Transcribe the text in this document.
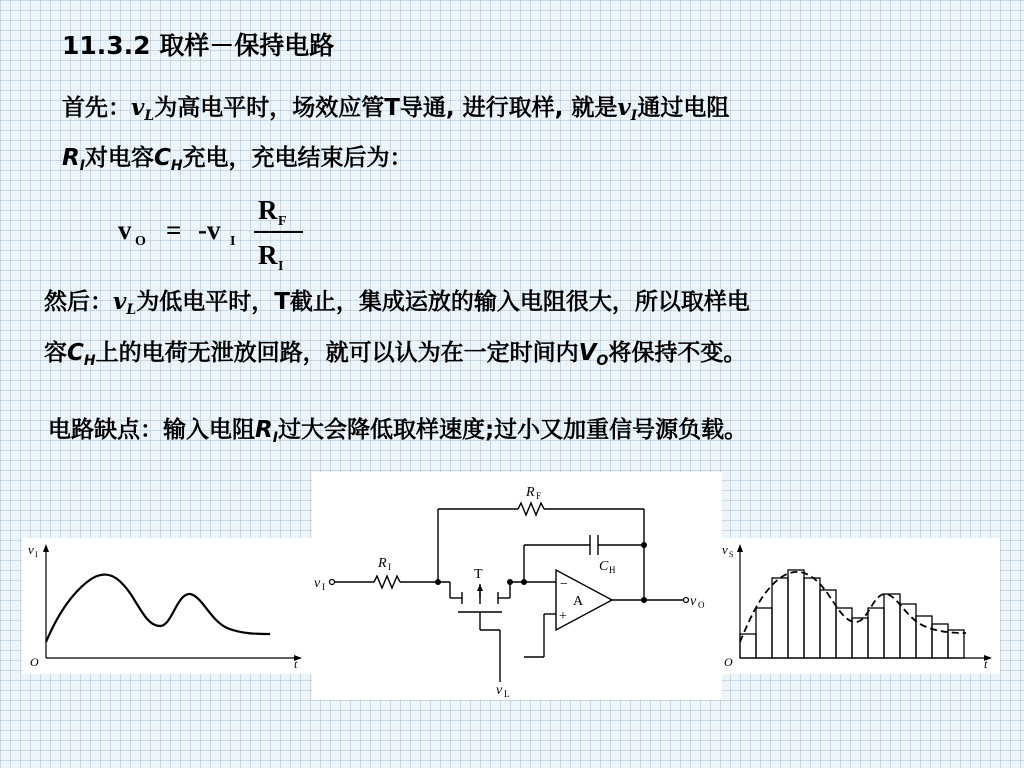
11.3.2 取样－保持电路
首先：$v_L$为高电平时，场效应管T导通, 进行取样, 就是$v_I$通过电阻
$R_I$对电容$C_H$充电，充电结束后为：
v O = -v I
R F
R I
然后：$v_L$为低电平时，T截止，集成运放的输入电阻很大，所以取样电
容$C_H$上的电荷无泄放回路，就可以认为在一定时间内$V_O$将保持不变。
电路缺点：输入电阻$R_I$过大会降低取样速度;过小又加重信号源负载。
v I
O	t
R F
R I	T
C H
A
−
+
v I
v O
v L
v S
O	t
